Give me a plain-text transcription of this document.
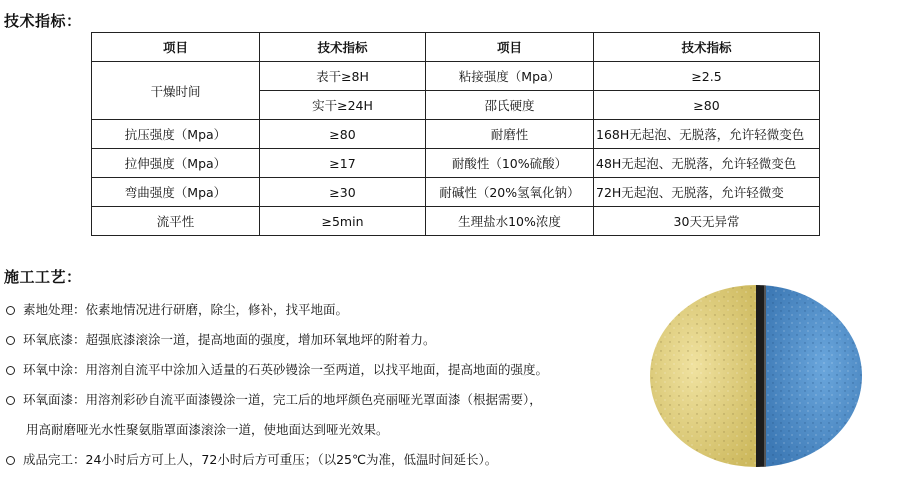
技术指标：
项目	技术指标	项目	技术指标
干燥时间	表干≥8H	粘接强度（Mpa）	≥2.5
	实干≥24H	邵氏硬度	≥80
抗压强度（Mpa）	≥80	耐磨性	168H无起泡、无脱落，允许轻微变色
拉伸强度（Mpa）	≥17	耐酸性（10%硫酸）	48H无起泡、无脱落，允许轻微变色
弯曲强度（Mpa）	≥30	耐碱性（20%氢氧化钠）	72H无起泡、无脱落，允许轻微变
流平性	≥5min	生理盐水10%浓度	30天无异常
施工工艺：
素地处理：依素地情况进行研磨，除尘，修补，找平地面。
环氧底漆：超强底漆滚涂一道，提高地面的强度，增加环氧地坪的附着力。
环氧中涂：用溶剂自流平中涂加入适量的石英砂镘涂一至两道，以找平地面，提高地面的强度。
环氧面漆：用溶剂彩砂自流平面漆镘涂一道，完工后的地坪颜色亮丽哑光罩面漆（根据需要），
用高耐磨哑光水性聚氨脂罩面漆滚涂一道，使地面达到哑光效果。
成品完工：24小时后方可上人，72小时后方可重压；（以25℃为准，低温时间延长）。
